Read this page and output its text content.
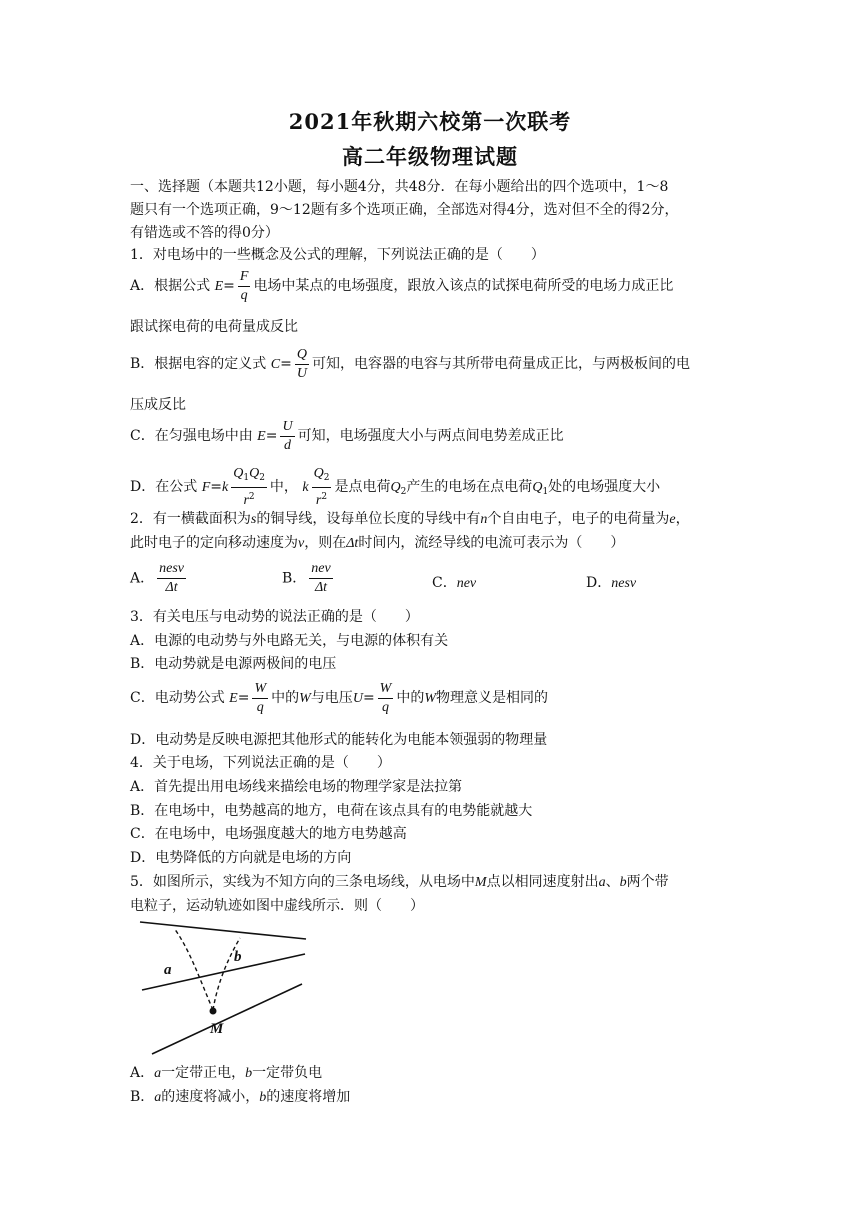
2021年秋期六校第一次联考
高二年级物理试题
一、选择题（本题共12小题，每小题4分，共48分．在每小题给出的四个选项中，1～8
题只有一个选项正确，9～12题有多个选项正确，全部选对得4分，选对但不全的得2分，
有错选或不答的得0分）
1．对电场中的一些概念及公式的理解，下列说法正确的是（　　）
A．根据公式 $E= \frac{F}{q}$ 电场中某点的电场强度，跟放入该点的试探电荷所受的电场力成正比
跟试探电荷的电荷量成反比
B．根据电容的定义式 $C= \frac{Q}{U}$ 可知，电容器的电容与其所带电荷量成正比，与两极板间的电
压成反比
C．在匀强电场中由 $E= \frac{U}{d}$ 可知，电场强度大小与两点间电势差成正比
D．在公式 $F=k \frac{Q_1Q_2}{r^2}$ 中， k $\frac{Q_2}{r^2}$ 是点电荷$Q_2$产生的电场在点电荷$Q_1$处的电场强度大小
2．有一横截面积为s的铜导线，设每单位长度的导线中有n个自由电子，电子的电荷量为e，
此时电子的定向移动速度为v，则在Δt时间内，流经导线的电流可表示为（　　）
A． $\frac{\text{nesv}}{\Delta t}$	B． $\frac{\text{nev}}{\Delta t}$	C．nev	D．nesv
3．有关电压与电动势的说法正确的是（　　）
A．电源的电动势与外电路无关，与电源的体积有关
B．电动势就是电源两极间的电压
C．电动势公式 $E= \frac{W}{q}$ 中的W与电压$U= \frac{W}{q}$ 中的W物理意义是相同的
D．电动势是反映电源把其他形式的能转化为电能本领强弱的物理量
4．关于电场，下列说法正确的是（　　）
A．首先提出用电场线来描绘电场的物理学家是法拉第
B．在电场中，电势越高的地方，电荷在该点具有的电势能就越大
C．在电场中，电场强度越大的地方电势越高
D．电势降低的方向就是电场的方向
5．如图所示，实线为不知方向的三条电场线，从电场中M点以相同速度射出a、b两个带
电粒子，运动轨迹如图中虚线所示．则（　　）
a
b
M
A．a一定带正电，b一定带负电
B．a的速度将减小，b的速度将增加
